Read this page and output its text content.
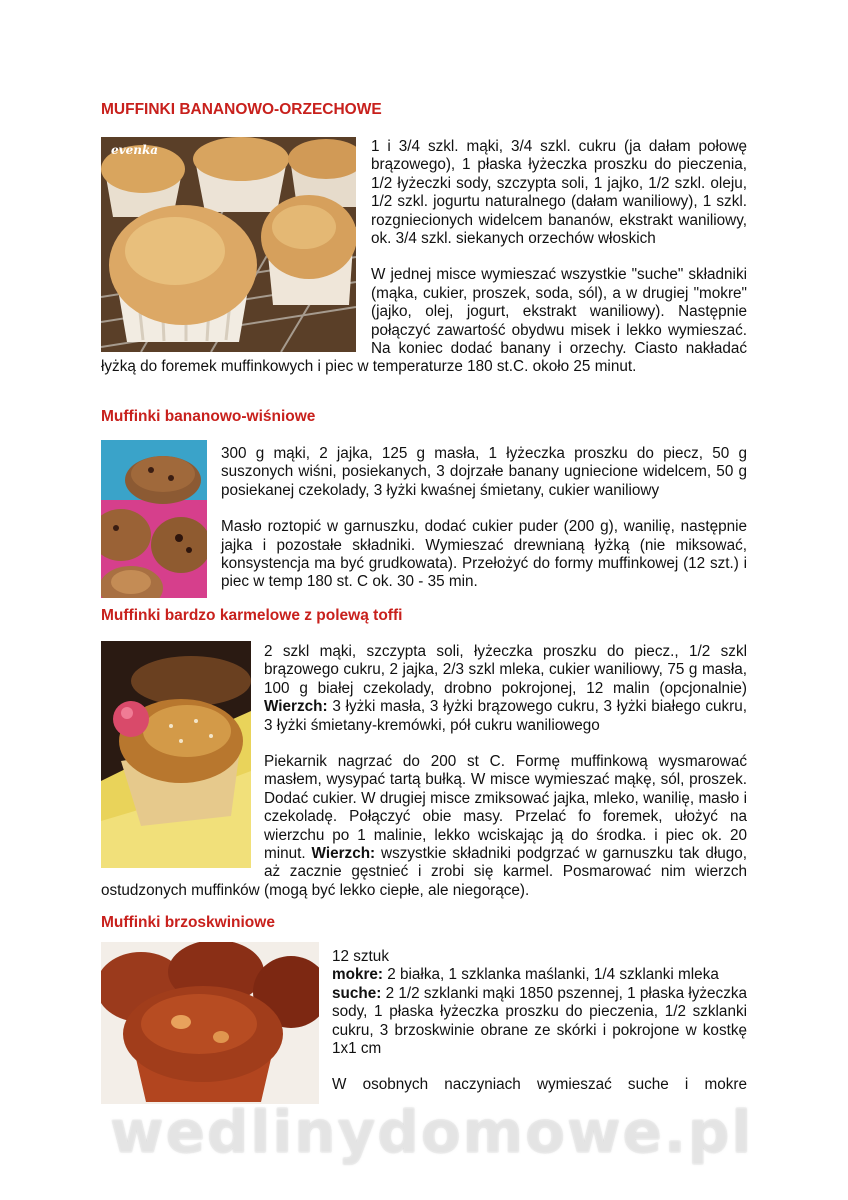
MUFFINKI BANANOWO-ORZECHOWE
evenka	1 i 3/4 szkl. mąki, 3/4 szkl. cukru (ja dałam połowę brązowego), 1 płaska łyżeczka proszku do pieczenia, 1/2 łyżeczki sody, szczypta soli, 1 jajko, 1/2 szkl. oleju, 1/2 szkl. jogurtu naturalnego (dałam waniliowy), 1 szkl. rozgniecionych widelcem bananów, ekstrakt waniliowy, ok. 3/4 szkl. siekanych orzechów włoskich

W jednej misce wymieszać wszystkie "suche" składniki (mąka, cukier, proszek, soda, sól), a w drugiej "mokre" (jajko, olej, jogurt, ekstrakt waniliowy). Następnie połączyć zawartość obydwu misek i lekko wymieszać. Na koniec dodać banany i orzechy. Ciasto nakładać łyżką do foremek muffinkowych i piec w temperaturze 180 st.C. około 25 minut.

Muffinki bananowo-wiśniowe

300 g mąki, 2 jajka, 125 g masła, 1 łyżeczka proszku do piecz, 50 g suszonych wiśni, posiekanych, 3 dojrzałe banany ugniecione widelcem, 50 g posiekanej czekolady, 3 łyżki kwaśnej śmietany, cukier waniliowy

Masło roztopić w garnuszku, dodać cukier puder (200 g), wanilię, następnie jajka i pozostałe składniki. Wymieszać drewnianą łyżką (nie miksować, konsystencja ma być grudkowata). Przełożyć do formy muffinkowej (12 szt.) i piec w temp 180 st. C ok. 30 - 35 min.

Muffinki bardzo karmelowe z polewą toffi

2 szkl mąki, szczypta soli, łyżeczka proszku do piecz., 1/2 szkl brązowego cukru, 2 jajka, 2/3 szkl mleka, cukier waniliowy, 75 g masła, 100 g białej czekolady, drobno pokrojonej, 12 malin (opcjonalnie) Wierzch: 3 łyżki masła, 3 łyżki brązowego cukru, 3 łyżki białego cukru, 3 łyżki śmietany-kremówki, pół cukru waniliowego

Piekarnik nagrzać do 200 st C. Formę muffinkową wysmarować masłem, wysypać tartą bułką. W misce wymieszać mąkę, sól, proszek. Dodać cukier. W drugiej misce zmiksować jajka, mleko, wanilię, masło i czekoladę. Połączyć obie masy. Przelać fo foremek, ułożyć na wierzchu po 1 malinie, lekko wciskając ją do środka. i piec ok. 20 minut. Wierzch: wszystkie składniki podgrzać w garnuszku tak długo, aż zacznie gęstnieć i zrobi się karmel. Posmarować nim wierzch ostudzonych muffinków (mogą być lekko ciepłe, ale niegorące).

Muffinki brzoskwiniowe

12 sztuk

mokre: 2 białka, 1 szklanka maślanki, 1/4 szklanki mleka

suche: 2 1/2 szklanki mąki 1850 pszennej, 1 płaska łyżeczka sody, 1 płaska łyżeczka proszku do pieczenia, 1/2 szklanki cukru, 3 brzoskwinie obrane ze skórki i pokrojone w kostkę 1x1 cm

W osobnych naczyniach wymieszać suche i mokre

wedlinydomowe.pl
